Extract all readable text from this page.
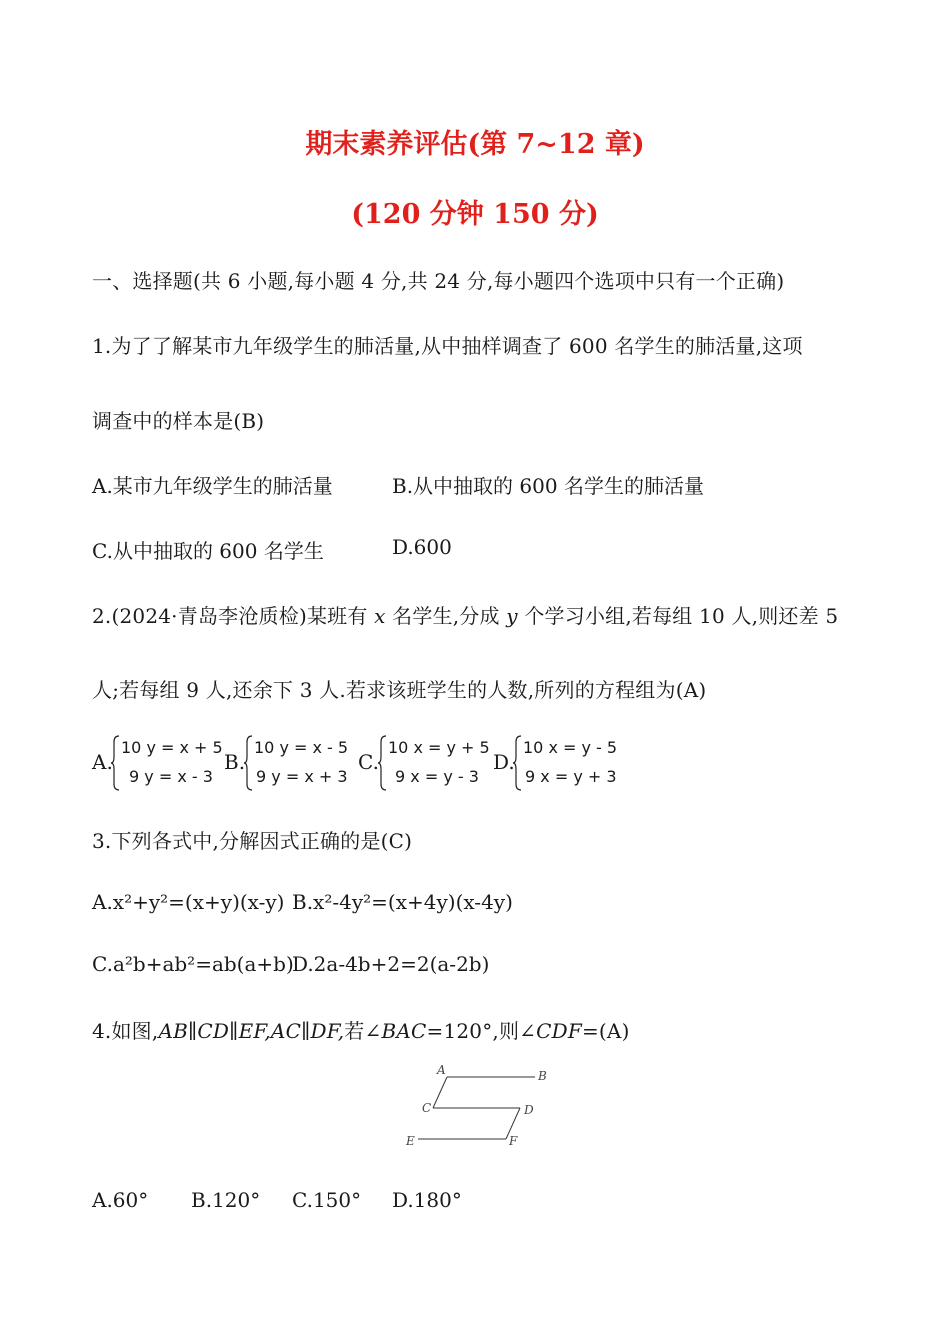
期末素养评估(第 7~12 章)
(120 分钟 150 分)
一、选择题(共 6 小题,每小题 4 分,共 24 分,每小题四个选项中只有一个正确)
1.为了了解某市九年级学生的肺活量,从中抽样调查了 600 名学生的肺活量,这项
调查中的样本是(B)
A.某市九年级学生的肺活量	B.从中抽取的 600 名学生的肺活量
C.从中抽取的 600 名学生	D.600
2.(2024·青岛李沧质检)某班有 x 名学生,分成 y 个学习小组,若每组 10 人,则还差 5
人;若每组 9 人,还余下 3 人.若求该班学生的人数,所列的方程组为(A)
A.
10 y = x + 5
9 y = x - 3
B.
10 y = x - 5
9 y = x + 3
C.
10 x = y + 5
9 x = y - 3
D.
10 x = y - 5
9 x = y + 3
3.下列各式中,分解因式正确的是(C)
A.x²+y²=(x+y)(x-y) B.x²-4y²=(x+4y)(x-4y)
C.a²b+ab²=ab(a+b)
D.2a-4b+2=2(a-2b)
4.如图,AB∥CD∥EF,AC∥DF,若∠BAC=120°,则∠CDF=(A)
A	B
C	D
E	F
A.60° B.120° C.150° D.180°
